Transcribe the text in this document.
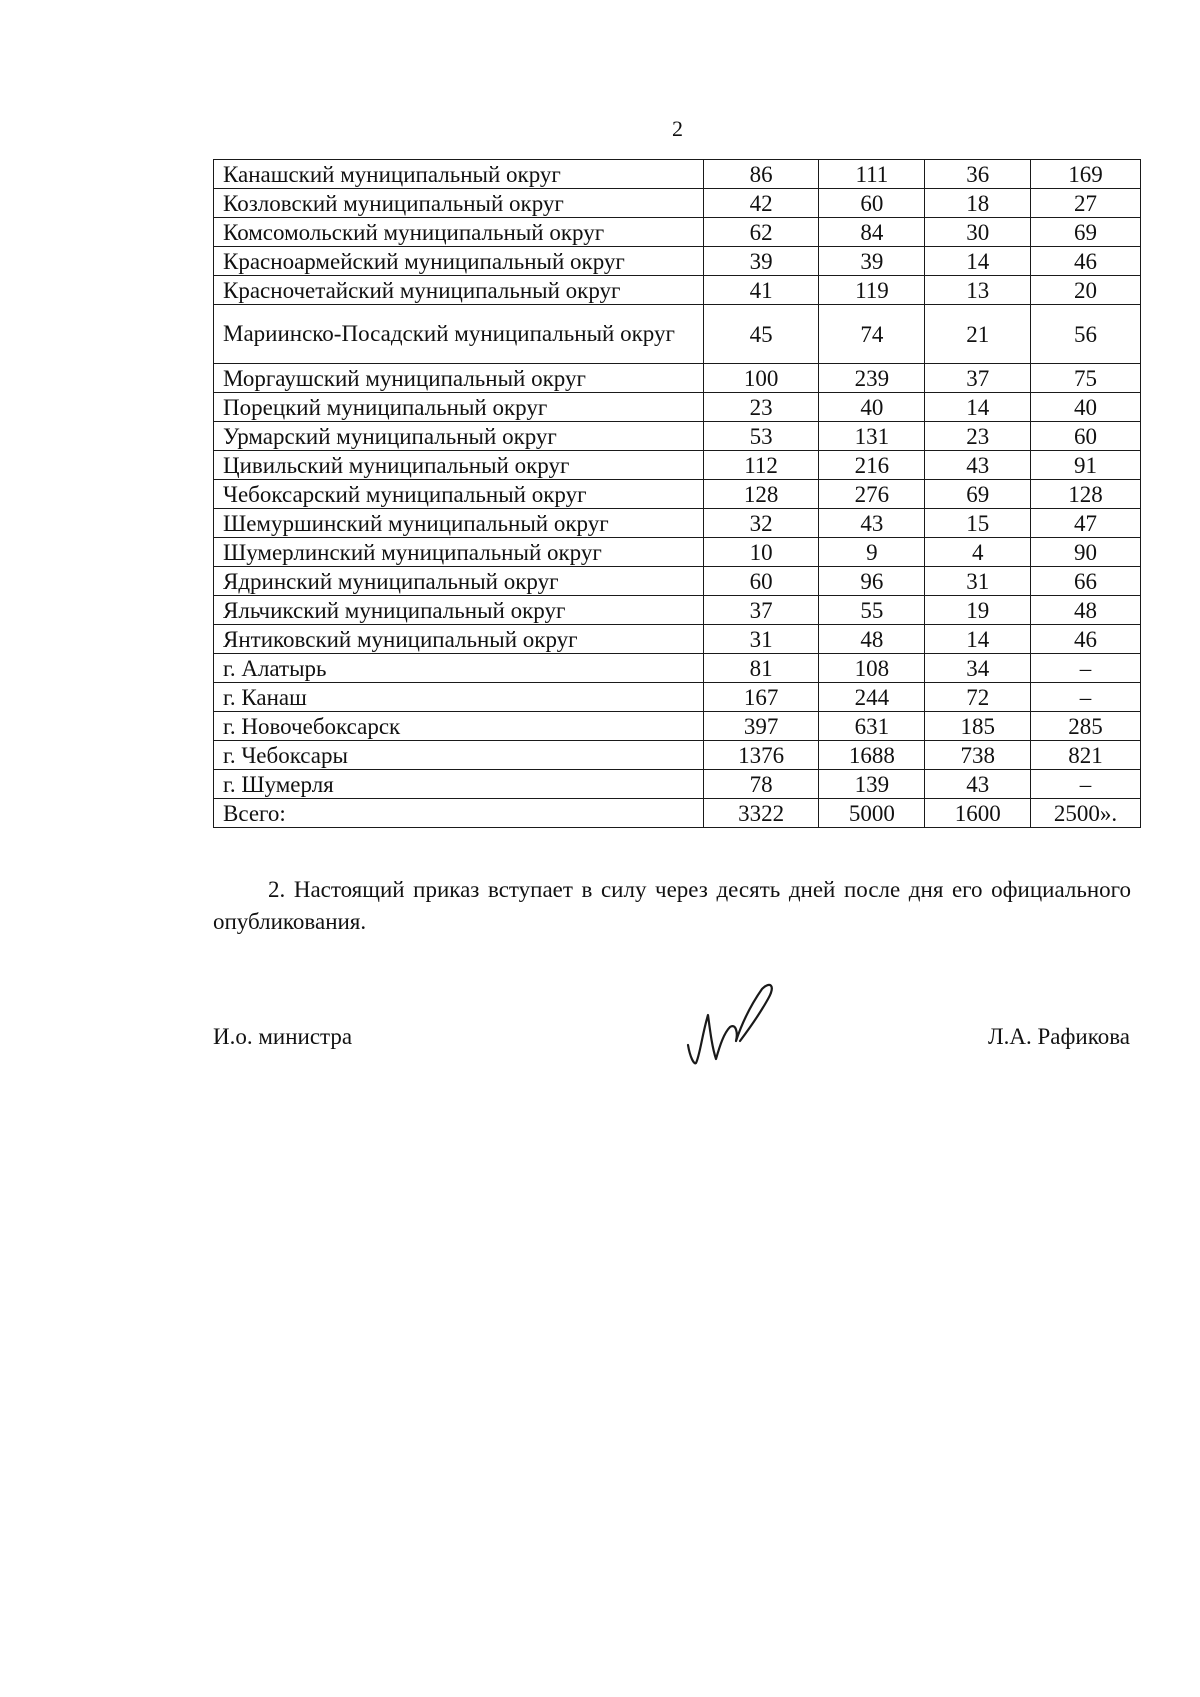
2
Канашский муниципальный округ	86	111	36	169
Козловский муниципальный округ	42	60	18	27
Комсомольский муниципальный округ	62	84	30	69
Красноармейский муниципальный округ	39	39	14	46
Красночетайский муниципальный округ	41	119	13	20
Мариинско-Посадский муниципальный округ	45	74	21	56
Моргаушский муниципальный округ	100	239	37	75
Порецкий муниципальный округ	23	40	14	40
Урмарский муниципальный округ	53	131	23	60
Цивильский муниципальный округ	112	216	43	91
Чебоксарский муниципальный округ	128	276	69	128
Шемуршинский муниципальный округ	32	43	15	47
Шумерлинский муниципальный округ	10	9	4	90
Ядринский муниципальный округ	60	96	31	66
Яльчикский муниципальный округ	37	55	19	48
Янтиковский муниципальный округ	31	48	14	46
г. Алатырь	81	108	34	–
г. Канаш	167	244	72	–
г. Новочебоксарск	397	631	185	285
г. Чебоксары	1376	1688	738	821
г. Шумерля	78	139	43	–
Всего:	3322	5000	1600	2500».
2. Настоящий приказ вступает в силу через десять дней после дня его официального опубликования.
И.о. министра	Л.А. Рафикова
